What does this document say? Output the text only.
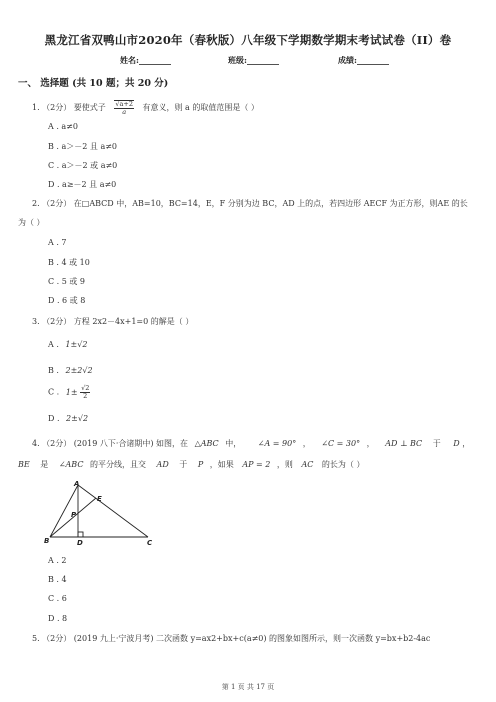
黑龙江省双鸭山市2020年（春秋版）八年级下学期数学期末考试试卷（II）卷
姓名:________	班级:________	成绩:________
一、 选择题 (共 10 题；共 20 分)
1. （2分） 要使式子 $\frac{√a+2}{a}$ 有意义，则 a 的取值范围是（ ）
A . a≠0
B . a＞－2 且 a≠0
C . a＞－2 或 a≠0
D . a≥－2 且 a≠0
2. （2分） 在□ABCD 中，AB=10，BC=14，E，F 分别为边 BC，AD 上的点，若四边形 AECF 为正方形，则AE 的长
为（ ）
A . 7
B . 4 或 10
C . 5 或 9
D . 6 或 8
3. （2分） 方程 2x2－4x+1=0 的解是（ ）
A . 1±√2
B . 2±2√2
C . $1\pm \frac{√2}{2}$
D . 2±√2
4. （2分） (2019 八下·合诸期中) 如图，在 △ABC 中， ∠A = 90° ， ∠C = 30° ， AD ⊥ BC 于 D ，
BE 是 ∠ABC 的平分线，且交 AD 于 P ，如果 AP = 2 ，则 AC 的长为（ ）
A
B	C
D
E
P
A . 2
B . 4
C . 6
D . 8
5. （2分） (2019 九上·宁波月考) 二次函数 y=ax2+bx+c(a≠0) 的图象如图所示，则一次函数 y=bx+b2-4ac
第 1 页 共 17 页
